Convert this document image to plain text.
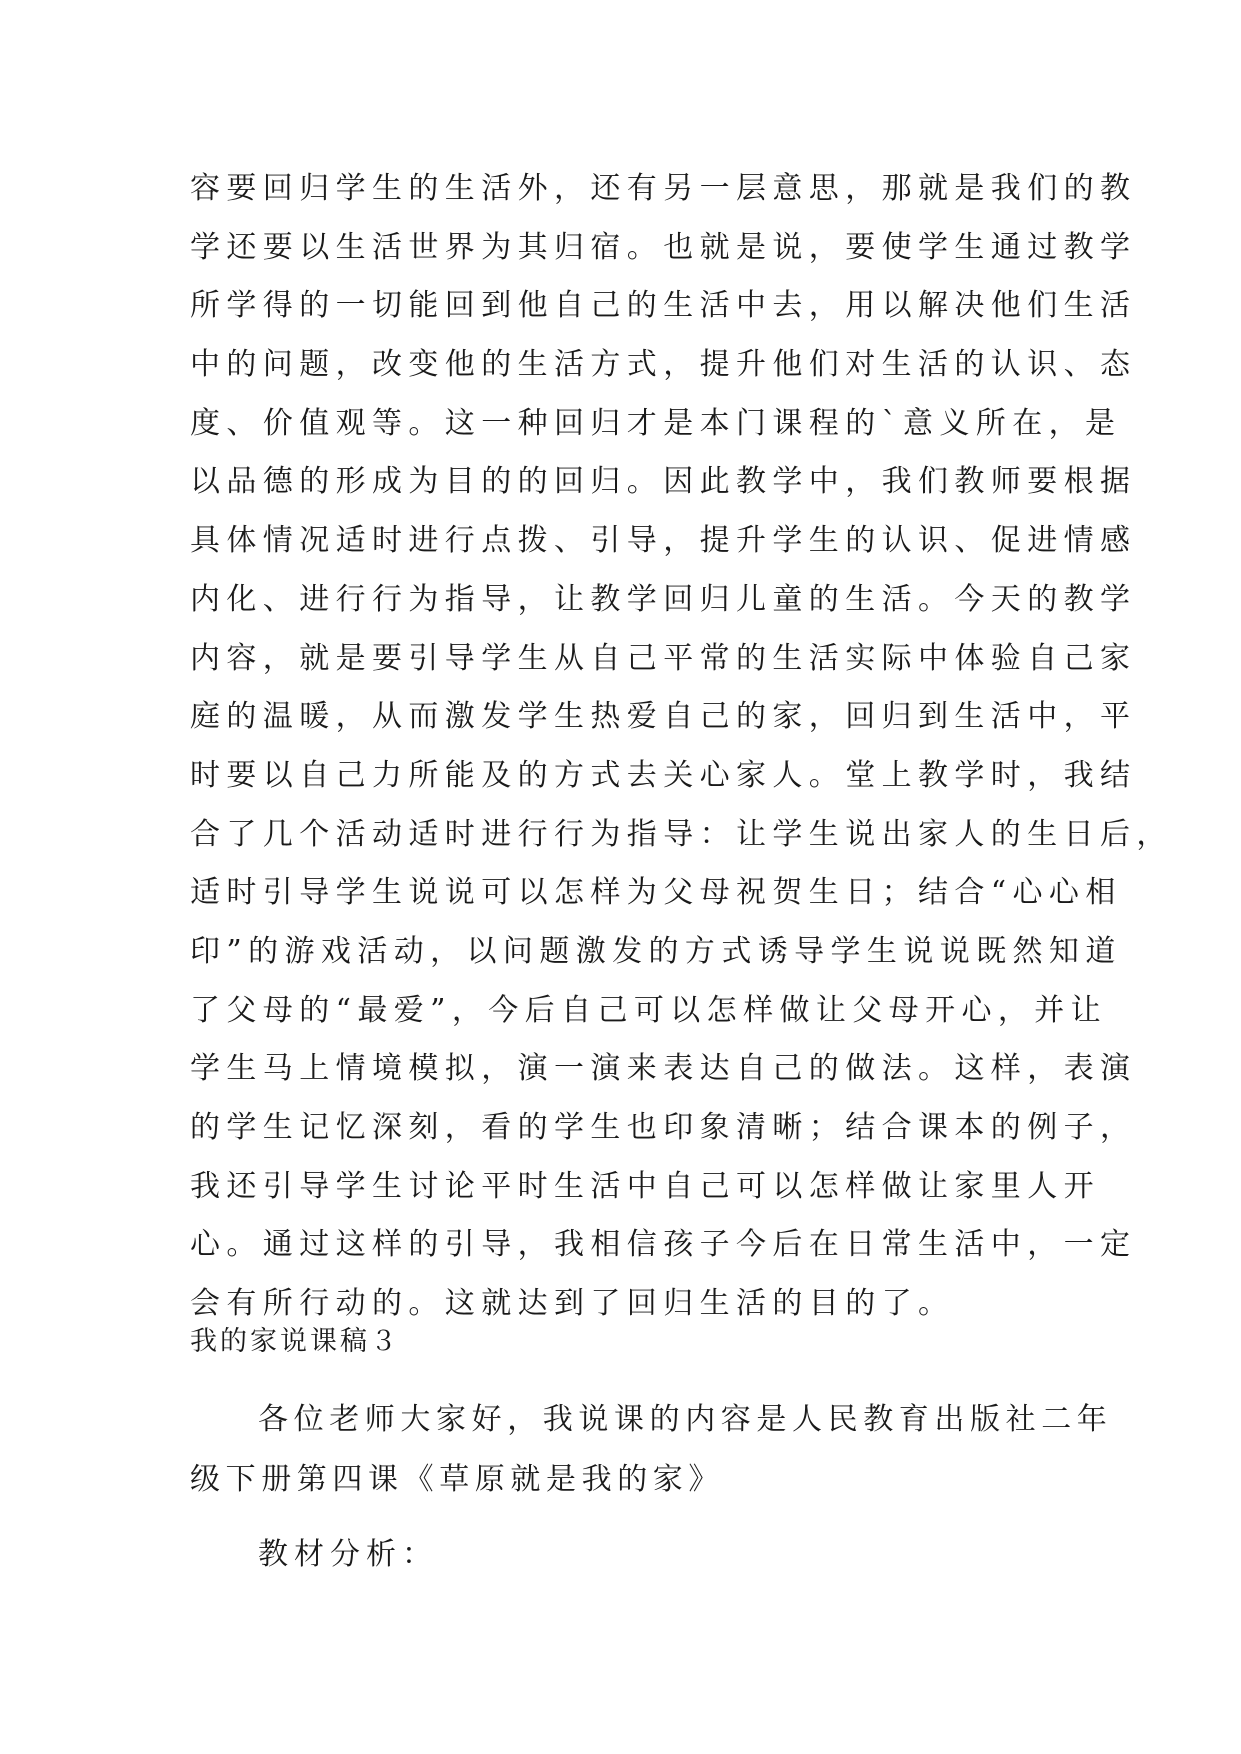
容要回归学生的生活外，还有另一层意思，那就是我们的教
学还要以生活世界为其归宿。也就是说，要使学生通过教学
所学得的一切能回到他自己的生活中去，用以解决他们生活
中的问题，改变他的生活方式，提升他们对生活的认识、态
度、价值观等。这一种回归才是本门课程的`意义所在，是
以品德的形成为目的的回归。因此教学中，我们教师要根据
具体情况适时进行点拨、引导，提升学生的认识、促进情感
内化、进行行为指导，让教学回归儿童的生活。今天的教学
内容，就是要引导学生从自己平常的生活实际中体验自己家
庭的温暖，从而激发学生热爱自己的家，回归到生活中，平
时要以自己力所能及的方式去关心家人。堂上教学时，我结
合了几个活动适时进行行为指导：让学生说出家人的生日后，
适时引导学生说说可以怎样为父母祝贺生日；结合“心心相
印”的游戏活动，以问题激发的方式诱导学生说说既然知道
了父母的“最爱”，今后自己可以怎样做让父母开心，并让
学生马上情境模拟，演一演来表达自己的做法。这样，表演
的学生记忆深刻，看的学生也印象清晰；结合课本的例子，
我还引导学生讨论平时生活中自己可以怎样做让家里人开
心。通过这样的引导，我相信孩子今后在日常生活中，一定
会有所行动的。这就达到了回归生活的目的了。
我的家说课稿３
各位老师大家好，我说课的内容是人民教育出版社二年
级下册第四课《草原就是我的家》
教材分析：
